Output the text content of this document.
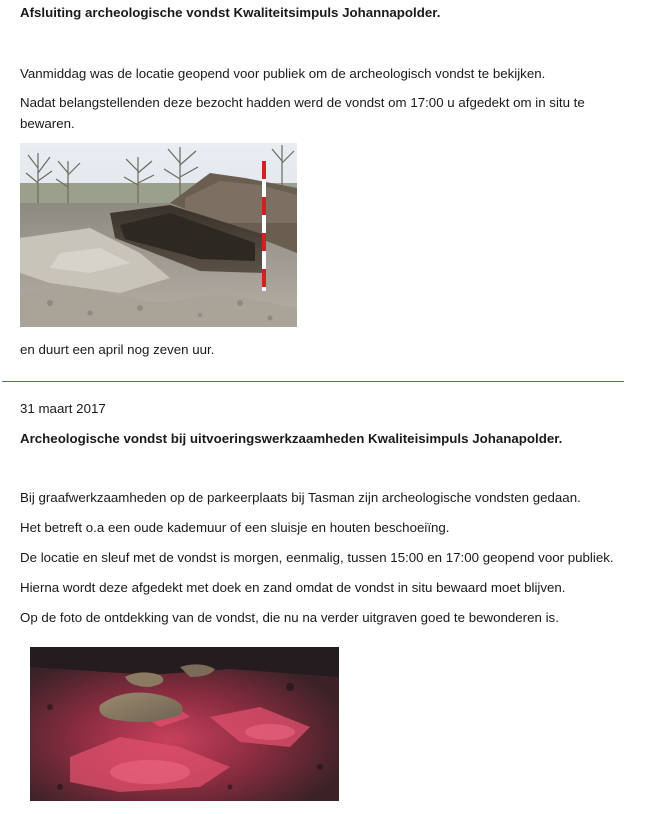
Afsluiting archeologische vondst Kwaliteitsimpuls Johannapolder.
Vanmiddag was de locatie geopend voor publiek om de archeologisch vondst te bekijken.
Nadat belangstellenden deze bezocht hadden werd de vondst om 17:00 u afgedekt om in situ te
bewaren.
en duurt een april nog zeven uur.
31 maart 2017
Archeologische vondst bij uitvoeringswerkzaamheden Kwaliteisimpuls Johanapolder.
Bij graafwerkzaamheden op de parkeerplaats bij Tasman zijn archeologische vondsten gedaan.
Het betreft o.a een oude kademuur of een sluisje en houten beschoeiïng.
De locatie en sleuf met de vondst is morgen, eenmalig, tussen 15:00 en 17:00 geopend voor publiek.
Hierna wordt deze afgedekt met doek en zand omdat de vondst in situ bewaard moet blijven.
Op de foto de ontdekking van de vondst, die nu na verder uitgraven goed te bewonderen is.
